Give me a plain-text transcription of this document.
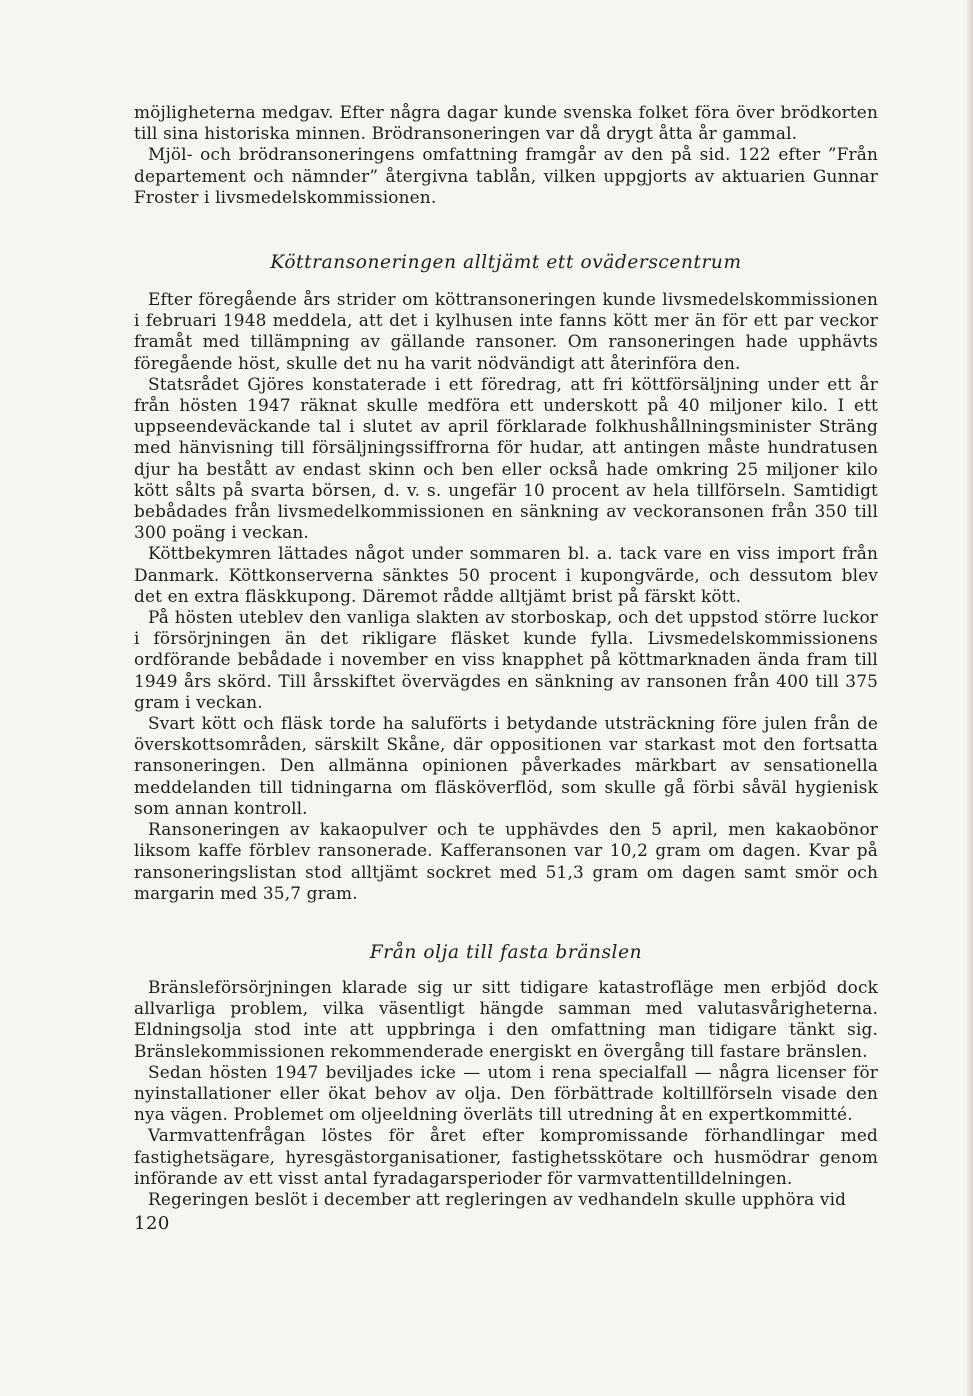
möjligheterna medgav. Efter några dagar kunde svenska folket föra över brödkorten till sina historiska minnen. Brödransoneringen var då drygt åtta år gammal.

Mjöl- och brödransoneringens omfattning framgår av den på sid. 122 efter ”Från departement och nämnder” återgivna tablån, vilken uppgjorts av aktuarien Gunnar Froster i livsmedelskommissionen.

Köttransoneringen alltjämt ett oväderscentrum

Efter föregående års strider om köttransoneringen kunde livsmedelskommissionen i februari 1948 meddela, att det i kylhusen inte fanns kött mer än för ett par veckor framåt med tillämpning av gällande ransoner. Om ransoneringen hade upphävts föregående höst, skulle det nu ha varit nödvändigt att återinföra den.

Statsrådet Gjöres konstaterade i ett föredrag, att fri köttförsäljning under ett år från hösten 1947 räknat skulle medföra ett underskott på 40 miljoner kilo. I ett uppseendeväckande tal i slutet av april förklarade folkhushållningsminister Sträng med hänvisning till försäljningssiffrorna för hudar, att antingen måste hundratusen djur ha bestått av endast skinn och ben eller också hade omkring 25 miljoner kilo kött sålts på svarta börsen, d. v. s. ungefär 10 procent av hela tillförseln. Samtidigt bebådades från livsmedelkommissionen en sänkning av veckoransonen från 350 till 300 poäng i veckan.

Köttbekymren lättades något under sommaren bl. a. tack vare en viss import från Danmark. Köttkonserverna sänktes 50 procent i kupongvärde, och dessutom blev det en extra fläskkupong. Däremot rådde alltjämt brist på färskt kött.

På hösten uteblev den vanliga slakten av storboskap, och det uppstod större luckor i försörjningen än det rikligare fläsket kunde fylla. Livsmedelskommissionens ordförande bebådade i november en viss knapphet på köttmarknaden ända fram till 1949 års skörd. Till årsskiftet övervägdes en sänkning av ransonen från 400 till 375 gram i veckan.

Svart kött och fläsk torde ha saluförts i betydande utsträckning före julen från de överskottsområden, särskilt Skåne, där oppositionen var starkast mot den fortsatta ransoneringen. Den allmänna opinionen påverkades märkbart av sensationella meddelanden till tidningarna om fläsköverflöd, som skulle gå förbi såväl hygienisk som annan kontroll.

Ransoneringen av kakaopulver och te upphävdes den 5 april, men kakaobönor liksom kaffe förblev ransonerade. Kafferansonen var 10,2 gram om dagen. Kvar på ransoneringslistan stod alltjämt sockret med 51,3 gram om dagen samt smör och margarin med 35,7 gram.

Från olja till fasta bränslen

Bränsleförsörjningen klarade sig ur sitt tidigare katastrofläge men erbjöd dock allvarliga problem, vilka väsentligt hängde samman med valutasvårigheterna. Eldningsolja stod inte att uppbringa i den omfattning man tidigare tänkt sig. Bränslekommissionen rekommenderade energiskt en övergång till fastare bränslen.

Sedan hösten 1947 beviljades icke — utom i rena specialfall — några licenser för nyinstallationer eller ökat behov av olja. Den förbättrade koltillförseln visade den nya vägen. Problemet om oljeeldning överläts till utredning åt en expertkommitté.

Varmvattenfrågan löstes för året efter kompromissande förhandlingar med fastighetsägare, hyresgästorganisationer, fastighetsskötare och husmödrar genom införande av ett visst antal fyradagarsperioder för varmvattentilldelningen.

Regeringen beslöt i december att regleringen av vedhandeln skulle upphöra vid

120
